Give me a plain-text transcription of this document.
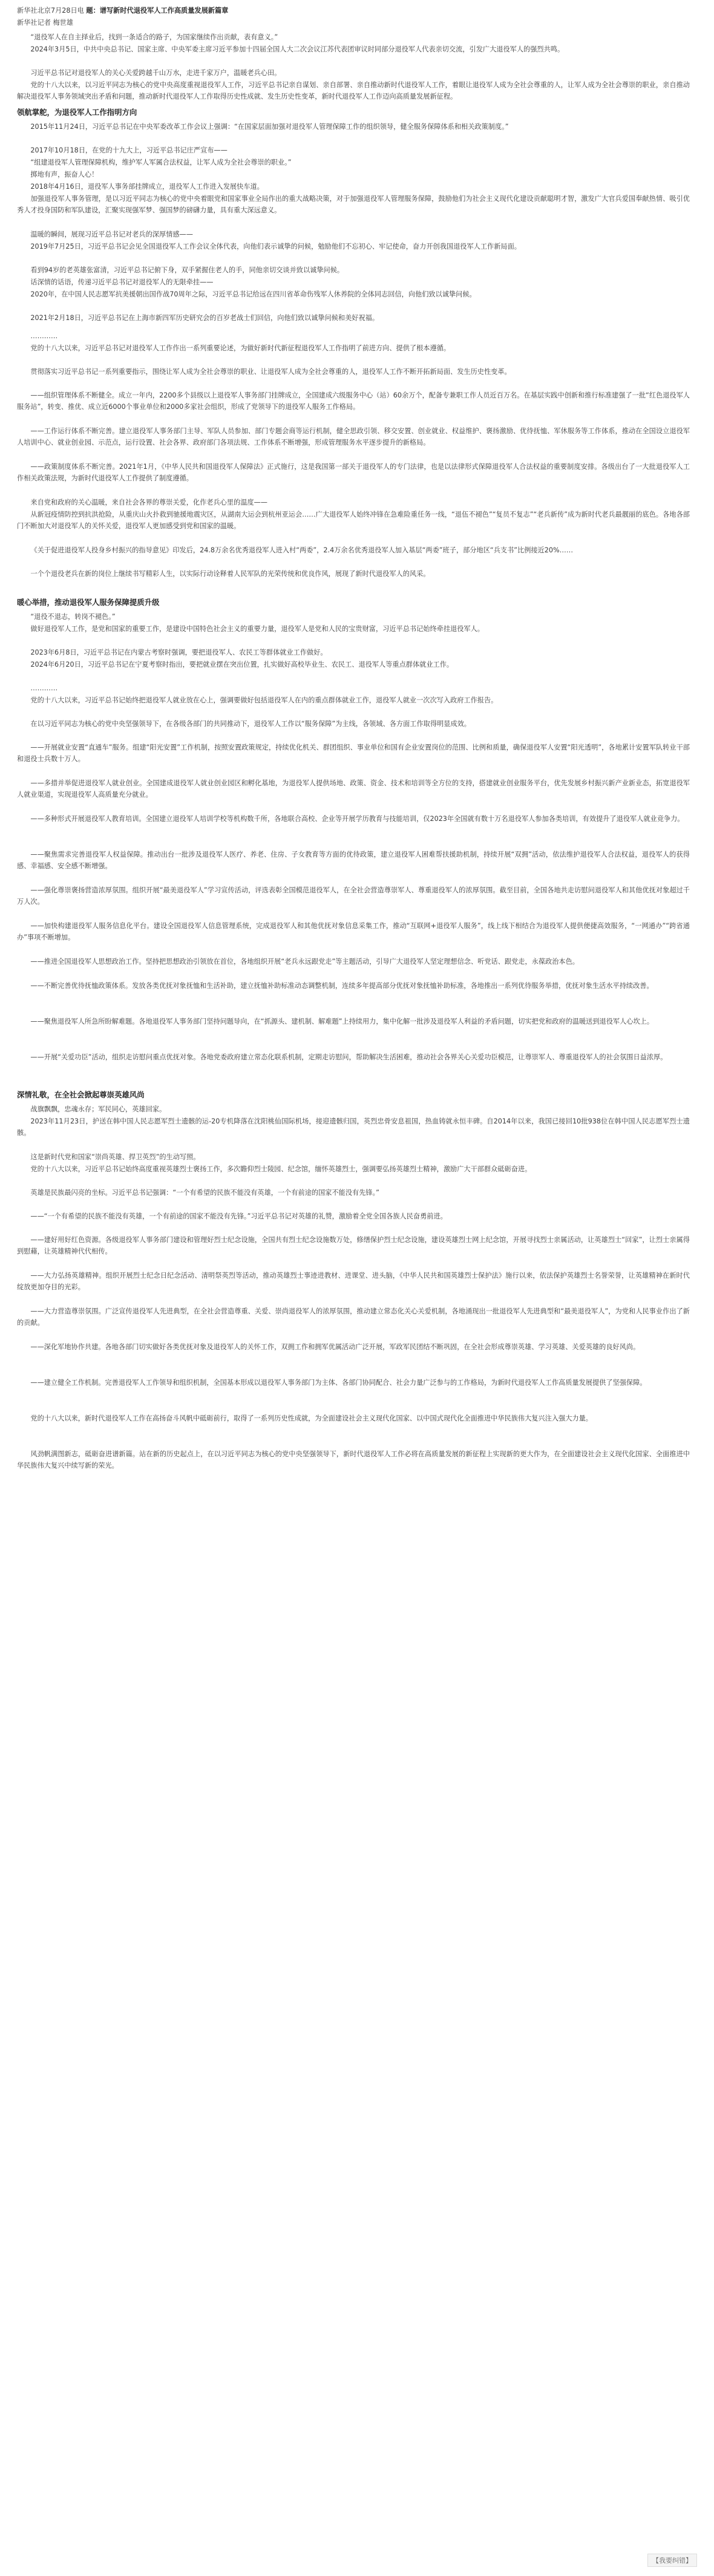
新华社北京7月28日电 题：谱写新时代退役军人工作高质量发展新篇章

新华社记者 梅世雄

“退役军人在自主择业后，找到一条适合的路子，为国家继续作出贡献，表有意义。”

2024年3月5日，中共中央总书记、国家主席、中央军委主席习近平参加十四届全国人大二次会议江苏代表团审议时同部分退役军人代表亲切交流，引发广大退役军人的强烈共鸣。

习近平总书记对退役军人的关心关爱跨越千山万水，走进千家万户，温暖老兵心田。

党的十八大以来，以习近平同志为核心的党中央高度重视退役军人工作，习近平总书记亲自谋划、亲自部署、亲自推动新时代退役军人工作，着眼让退役军人成为全社会尊重的人，让军人成为全社会尊崇的职业，亲自推动解决退役军人事务领域突出矛盾和问题，推动新时代退役军人工作取得历史性成就、发生历史性变革，新时代退役军人工作迈向高质量发展新征程。

领航掌舵，为退役军人工作指明方向

2015年11月24日，习近平总书记在中央军委改革工作会议上强调：“在国家层面加强对退役军人管理保障工作的组织领导，健全服务保障体系和相关政策制度。”

2017年10月18日，在党的十九大上，习近平总书记庄严宣布——

“组建退役军人管理保障机构，维护军人军属合法权益，让军人成为全社会尊崇的职业。”

掷地有声，振奋人心！

2018年4月16日，退役军人事务部挂牌成立，退役军人工作进入发展快车道。

加强退役军人事务管理，是以习近平同志为核心的党中央着眼党和国家事业全局作出的重大战略决策，对于加强退役军人管理服务保障，鼓励他们为社会主义现代化建设贡献聪明才智，激发广大官兵爱国奉献热情、吸引优秀人才投身国防和军队建设，汇聚实现强军梦、强国梦的磅礴力量，具有重大深远意义。

温暖的瞬间，展现习近平总书记对老兵的深厚情感——

2019年7月25日，习近平总书记会见全国退役军人工作会议全体代表，向他们表示诚挚的问候，勉励他们不忘初心、牢记使命，奋力开创我国退役军人工作新局面。

看到94岁的老英雄张富清，习近平总书记俯下身，双手紧握住老人的手，同他亲切交谈并致以诚挚问候。

话深情的话语，传递习近平总书记对退役军人的无限牵挂——

2020年，在中国人民志愿军抗美援朝出国作战70周年之际，习近平总书记给远在四川省革命伤残军人休养院的全体同志回信，向他们致以诚挚问候。

2021年2月18日，习近平总书记在上海市新四军历史研究会的百岁老战士们回信，向他们致以诚挚问候和美好祝福。

…………

党的十八大以来，习近平总书记对退役军人工作作出一系列重要论述，为做好新时代新征程退役军人工作指明了前进方向、提供了根本遵循。

贯彻落实习近平总书记一系列重要指示，围绕让军人成为全社会尊崇的职业、让退役军人成为全社会尊重的人，退役军人工作不断开拓新局面、发生历史性变革。

——组织管理体系不断健全。成立一年内，2200多个县级以上退役军人事务部门挂牌成立，全国建成六级服务中心（站）60余万个，配备专兼职工作人员近百万名。在基层实践中创新和推行标准建强了一批“红色退役军人服务站”，转变、推优、成立近6000个事业单位和2000多家社会组织，形成了党领导下的退役军人服务工作格局。

——工作运行体系不断完善。建立退役军人事务部门主导、军队人员参加、部门专题会商等运行机制，健全思政引领、移交安置、创业就业、权益维护、褒扬激励、优待抚恤、军休服务等工作体系，推动在全国设立退役军人培训中心、就业创业园、示范点，运行设置、社会各界、政府部门各项法规、工作体系不断增强，形成管理服务水平逐步提升的新格局。

——政策制度体系不断完善。2021年1月，《中华人民共和国退役军人保障法》正式施行，这是我国第一部关于退役军人的专门法律，也是以法律形式保障退役军人合法权益的重要制度安排。各级出台了一大批退役军人工作相关政策法规，为新时代退役军人工作提供了制度遵循。

来自党和政府的关心温暖，来自社会各界的尊崇关爱，化作老兵心里的温度——

从新冠疫情防控到抗洪抢险，从重庆山火扑救到驰援地震灾区，从湖南大运会到杭州亚运会……广大退役军人始终冲锋在急难险重任务一线，“退伍不褪色”“复员不复志”“老兵新传”成为新时代老兵最靓丽的底色。各地各部门不断加大对退役军人的关怀关爱，退役军人更加感受到党和国家的温暖。

《关于促进退役军人投身乡村振兴的指导意见》印发后，24.8万余名优秀退役军人进入村“两委”，2.4万余名优秀退役军人加入基层“两委”班子，部分地区“兵支书”比例接近20%……

一个个退役老兵在新的岗位上继续书写精彩人生，以实际行动诠释着人民军队的光荣传统和优良作风，展现了新时代退役军人的风采。

暖心举措，推动退役军人服务保障提质升级

“退役不退志，转岗不褪色。”

做好退役军人工作，是党和国家的重要工作，是建设中国特色社会主义的重要力量，退役军人是党和人民的宝贵财富，习近平总书记始终牵挂退役军人。

2023年6月8日，习近平总书记在内蒙古考察时强调，要把退役军人、农民工等群体就业工作做好。

2024年6月20日，习近平总书记在宁夏考察时指出，要把就业摆在突出位置，扎实做好高校毕业生、农民工、退役军人等重点群体就业工作。

…………

党的十八大以来，习近平总书记始终把退役军人就业放在心上，强调要做好包括退役军人在内的重点群体就业工作，退役军人就业一次次写入政府工作报告。

在以习近平同志为核心的党中央坚强领导下，在各级各部门的共同推动下，退役军人工作以“服务保障”为主线，各领域、各方面工作取得明显成效。

——开展就业安置“直通车”服务。组建“阳光安置”工作机制，按照安置政策规定，持续优化机关、群团组织、事业单位和国有企业安置岗位的范围、比例和质量，确保退役军人安置“阳光透明”，各地累计安置军队转业干部和退役士兵数十万人。

——多措并举促进退役军人就业创业。全国建成退役军人就业创业园区和孵化基地，为退役军人提供场地、政策、资金、技术和培训等全方位的支持，搭建就业创业服务平台，优先发展乡村振兴新产业新业态，拓宽退役军人就业渠道，实现退役军人高质量充分就业。

——多种形式开展退役军人教育培训。全国建立退役军人培训学校等机构数千所，各地联合高校、企业等开展学历教育与技能培训，仅2023年全国就有数十万名退役军人参加各类培训，有效提升了退役军人就业竞争力。

——聚焦需求完善退役军人权益保障。推动出台一批涉及退役军人医疗、养老、住房、子女教育等方面的优待政策，建立退役军人困难帮扶援助机制，持续开展“双拥”活动，依法维护退役军人合法权益，退役军人的获得感、幸福感、安全感不断增强。

——强化尊崇褒扬营造浓厚氛围。组织开展“最美退役军人”学习宣传活动，评选表彰全国模范退役军人，在全社会营造尊崇军人、尊重退役军人的浓厚氛围。截至目前，全国各地共走访慰问退役军人和其他优抚对象超过千万人次。

——加快构建退役军人服务信息化平台。建设全国退役军人信息管理系统，完成退役军人和其他优抚对象信息采集工作，推动“互联网+退役军人服务”，线上线下相结合为退役军人提供便捷高效服务，“一网通办”“跨省通办”事项不断增加。

——推进全国退役军人思想政治工作。坚持把思想政治引领放在首位，各地组织开展“老兵永远跟党走”等主题活动，引导广大退役军人坚定理想信念、听党话、跟党走，永葆政治本色。

——不断完善优待抚恤政策体系。发放各类优抚对象抚恤和生活补助，建立抚恤补助标准动态调整机制，连续多年提高部分优抚对象抚恤补助标准，各地推出一系列优待服务举措，优抚对象生活水平持续改善。

——聚焦退役军人所急所盼解难题。各地退役军人事务部门坚持问题导向，在“抓源头、建机制、解难题”上持续用力，集中化解一批涉及退役军人利益的矛盾问题，切实把党和政府的温暖送到退役军人心坎上。

——开展“关爱功臣”活动，组织走访慰问重点优抚对象。各地党委政府建立常态化联系机制，定期走访慰问，帮助解决生活困难，推动社会各界关心关爱功臣模范，让尊崇军人、尊重退役军人的社会氛围日益浓厚。

深情礼敬，在全社会掀起尊崇英雄风尚

战旗飘飘，忠魂永存；军民同心，英雄回家。

2023年11月23日，护送在韩中国人民志愿军烈士遗骸的运-20专机降落在沈阳桃仙国际机场，接迎遗骸归国，英烈忠骨安息祖国，热血铸就永恒丰碑。自2014年以来，我国已接回10批938位在韩中国人民志愿军烈士遗骸。

这是新时代党和国家“崇尚英雄、捍卫英烈”的生动写照。

党的十八大以来，习近平总书记始终高度重视英雄烈士褒扬工作，多次瞻仰烈士陵园、纪念馆，缅怀英雄烈士，强调要弘扬英雄烈士精神，激励广大干部群众砥砺奋进。

英雄是民族最闪亮的坐标。习近平总书记强调：“一个有希望的民族不能没有英雄，一个有前途的国家不能没有先锋。”

——“一个有希望的民族不能没有英雄，一个有前途的国家不能没有先锋。”习近平总书记对英雄的礼赞，激励着全党全国各族人民奋勇前进。

——建好用好红色资源。各级退役军人事务部门建设和管理好烈士纪念设施，全国共有烈士纪念设施数万处，修缮保护烈士纪念设施，建设英雄烈士网上纪念馆，开展寻找烈士亲属活动，让英雄烈士“回家”，让烈士亲属得到慰藉，让英雄精神代代相传。

——大力弘扬英雄精神。组织开展烈士纪念日纪念活动、清明祭英烈等活动，推动英雄烈士事迹进教材、进课堂、进头脑，《中华人民共和国英雄烈士保护法》施行以来，依法保护英雄烈士名誉荣誉，让英雄精神在新时代绽放更加夺目的光彩。

——大力营造尊崇氛围。广泛宣传退役军人先进典型，在全社会营造尊重、关爱、崇尚退役军人的浓厚氛围，推动建立常态化关心关爱机制，各地涌现出一批退役军人先进典型和“最美退役军人”，为党和人民事业作出了新的贡献。

——深化军地协作共建。各地各部门切实做好各类优抚对象及退役军人的关怀工作，双拥工作和拥军优属活动广泛开展，军政军民团结不断巩固，在全社会形成尊崇英雄、学习英雄、关爱英雄的良好风尚。

——建立健全工作机制。完善退役军人工作领导和组织机制，全国基本形成以退役军人事务部门为主体、各部门协同配合、社会力量广泛参与的工作格局，为新时代退役军人工作高质量发展提供了坚强保障。

党的十八大以来，新时代退役军人工作在高扬奋斗风帆中砥砺前行，取得了一系列历史性成就，为全面建设社会主义现代化国家、以中国式现代化全面推进中华民族伟大复兴注入强大力量。

风劲帆满图新志，砥砺奋进谱新篇。站在新的历史起点上，在以习近平同志为核心的党中央坚强领导下，新时代退役军人工作必将在高质量发展的新征程上实现新的更大作为，在全面建设社会主义现代化国家、全面推进中华民族伟大复兴中续写新的荣光。

【我要纠错】
